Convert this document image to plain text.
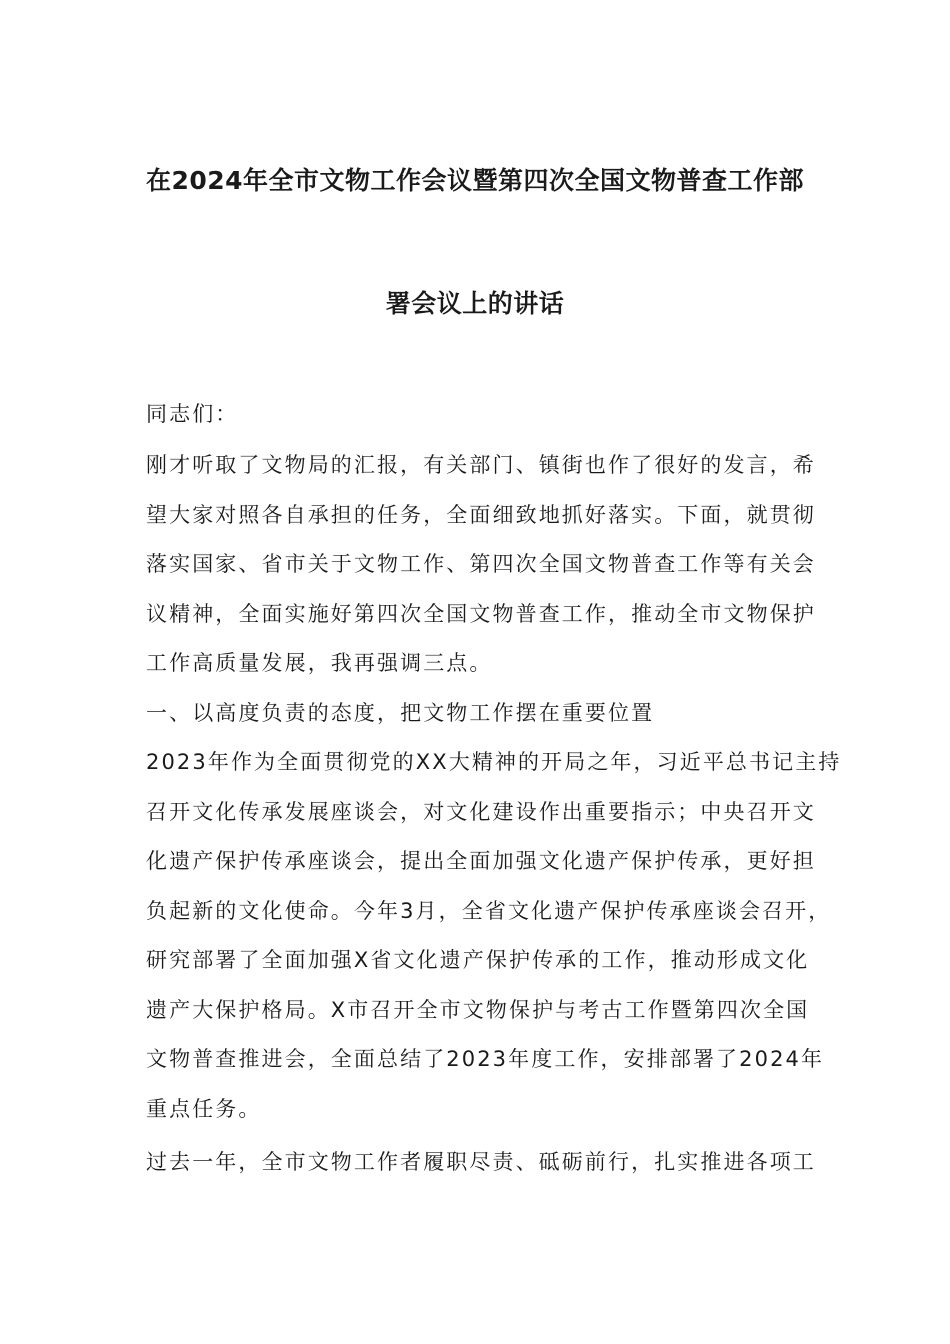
在2024年全市文物工作会议暨第四次全国文物普查工作部
署会议上的讲话
同志们：
刚才听取了文物局的汇报，有关部门、镇街也作了很好的发言，希
望大家对照各自承担的任务，全面细致地抓好落实。下面，就贯彻
落实国家、省市关于文物工作、第四次全国文物普查工作等有关会
议精神，全面实施好第四次全国文物普查工作，推动全市文物保护
工作高质量发展，我再强调三点。
一、以高度负责的态度，把文物工作摆在重要位置
2023年作为全面贯彻党的XX大精神的开局之年，习近平总书记主持
召开文化传承发展座谈会，对文化建设作出重要指示；中央召开文
化遗产保护传承座谈会，提出全面加强文化遗产保护传承，更好担
负起新的文化使命。今年3月，全省文化遗产保护传承座谈会召开，
研究部署了全面加强X省文化遗产保护传承的工作，推动形成文化
遗产大保护格局。X市召开全市文物保护与考古工作暨第四次全国
文物普查推进会，全面总结了2023年度工作，安排部署了2024年
重点任务。
过去一年，全市文物工作者履职尽责、砥砺前行，扎实推进各项工
